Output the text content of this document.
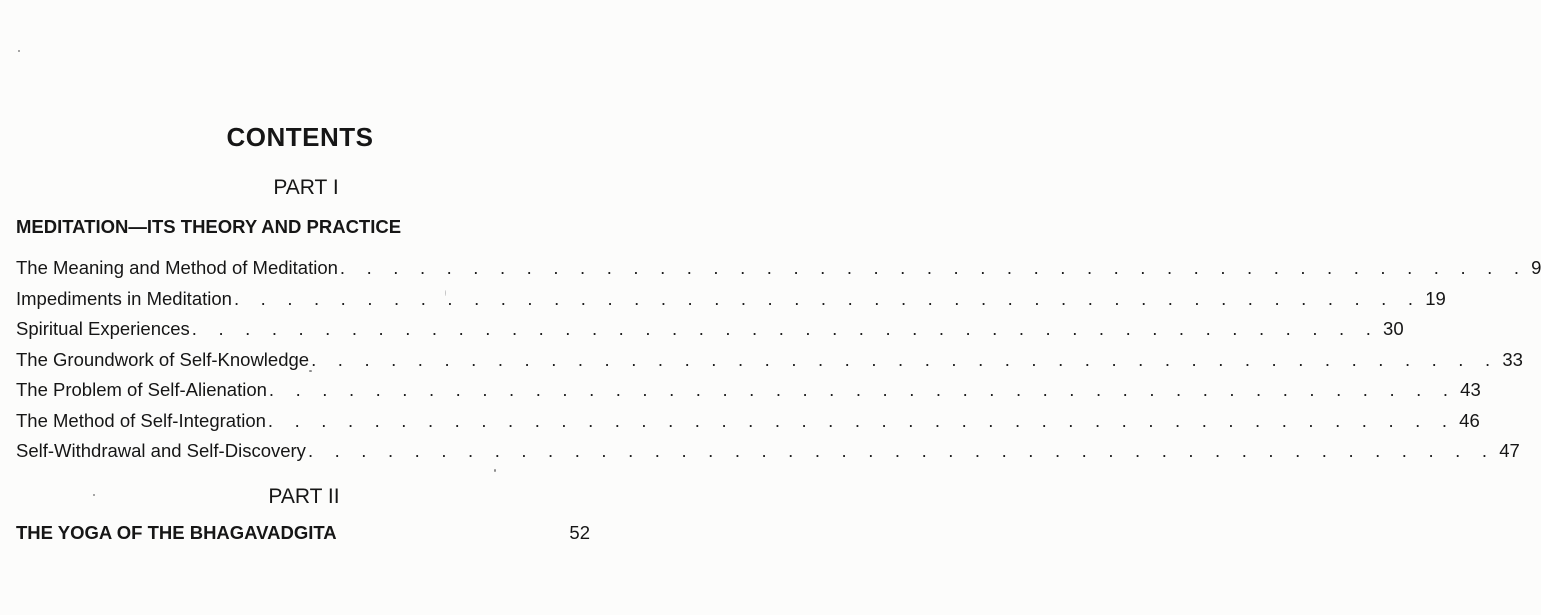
CONTENTS
PART I
MEDITATION—ITS THEORY AND PRACTICE
The Meaning and Method of Meditation . . . . . . . . . . . . . . . . . . . . . . . . . . . . . . . . . . . . . . . . . . . . . 9
Impediments in Meditation . . . . . . . . . . . . . . . . . . . . . . . . . . . . . . . . . . . . . . . . . . . . . 19
Spiritual Experiences . . . . . . . . . . . . . . . . . . . . . . . . . . . . . . . . . . . . . . . . . . . . . 30
The Groundwork of Self-Knowledge . . . . . . . . . . . . . . . . . . . . . . . . . . . . . . . . . . . . . . . . . . . . . 33
The Problem of Self-Alienation . . . . . . . . . . . . . . . . . . . . . . . . . . . . . . . . . . . . . . . . . . . . . 43
The Method of Self-Integration . . . . . . . . . . . . . . . . . . . . . . . . . . . . . . . . . . . . . . . . . . . . . 46
Self-Withdrawal and Self-Discovery . . . . . . . . . . . . . . . . . . . . . . . . . . . . . . . . . . . . . . . . . . . . . 47
PART II
THE YOGA OF THE BHAGAVADGITA	52
